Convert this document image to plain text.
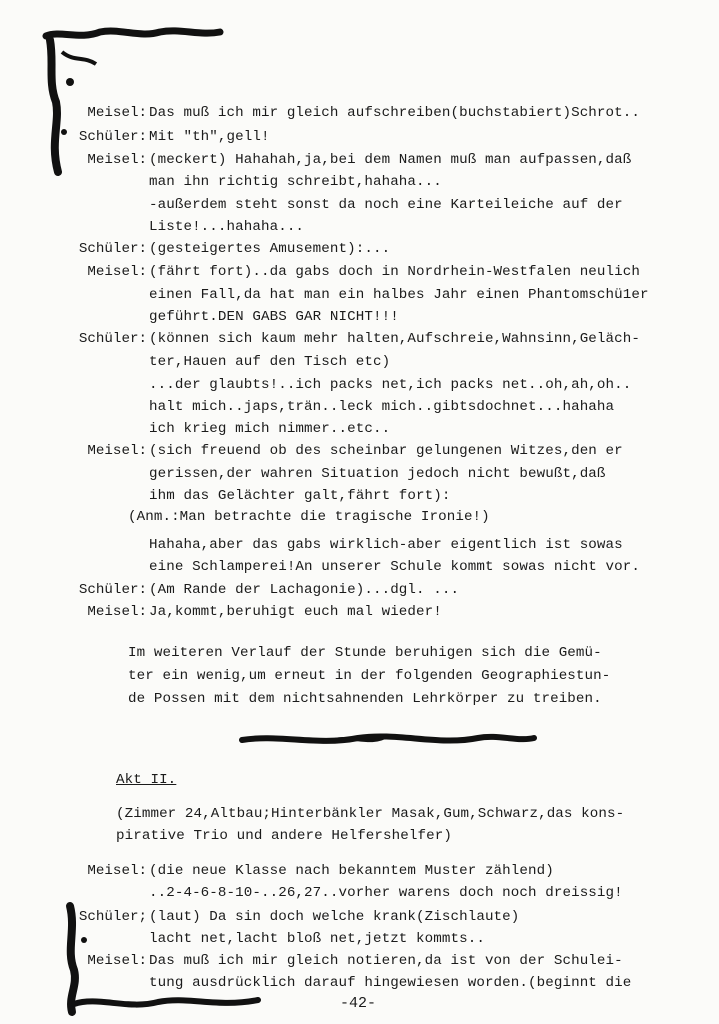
Meisel: Das muß ich mir gleich aufschreiben(buchstabiert)Schrot..
Schüler: Mit "th",gell!
Meisel: (meckert) Hahahah,ja,bei dem Namen muß man aufpassen,daß
man ihn richtig schreibt,hahaha...
-außerdem steht sonst da noch eine Karteileiche auf der
Liste!...hahaha...
Schüler: (gesteigertes Amusement):...
Meisel: (fährt fort)..da gabs doch in Nordrhein-Westfalen neulich
einen Fall,da hat man ein halbes Jahr einen Phantomschü1er
geführt.DEN GABS GAR NICHT!!!
Schüler: (können sich kaum mehr halten,Aufschreie,Wahnsinn,Geläch-
ter,Hauen auf den Tisch etc)
...der glaubts!..ich packs net,ich packs net..oh,ah,oh..
halt mich..japs,trän..leck mich..gibtsdochnet...hahaha
ich krieg mich nimmer..etc..
Meisel: (sich freuend ob des scheinbar gelungenen Witzes,den er
gerissen,der wahren Situation jedoch nicht bewußt,daß
ihm das Gelächter galt,fährt fort):
(Anm.:Man betrachte die tragische Ironie!)
Hahaha,aber das gabs wirklich-aber eigentlich ist sowas
eine Schlamperei!An unserer Schule kommt sowas nicht vor.
Schüler: (Am Rande der Lachagonie)...dgl. ...
Meisel: Ja,kommt,beruhigt euch mal wieder!
Im weiteren Verlauf der Stunde beruhigen sich die Gemü-
ter ein wenig,um erneut in der folgenden Geographiestun-
de Possen mit dem nichtsahnenden Lehrkörper zu treiben.
Akt II.
(Zimmer 24,Altbau;Hinterbänkler Masak,Gum,Schwarz,das kons-
pirative Trio und andere Helfershelfer)
Meisel: (die neue Klasse nach bekanntem Muster zählend)
..2-4-6-8-10-..26,27..vorher warens doch noch dreissig!
Schüler; (laut) Da sin doch welche krank(Zischlaute)
lacht net,lacht bloß net,jetzt kommts..
Meisel: Das muß ich mir gleich notieren,da ist von der Schulei-
tung ausdrücklich darauf hingewiesen worden.(beginnt die
-42-
